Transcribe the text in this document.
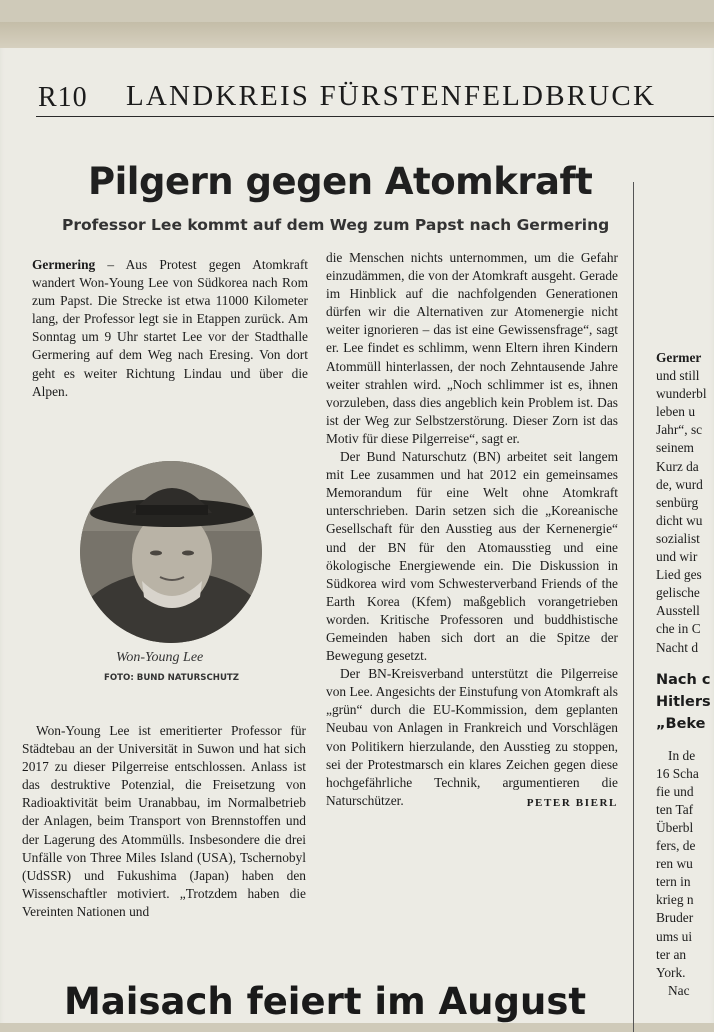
R10 LANDKREIS FÜRSTENFELDBRUCK
Pilgern gegen Atomkraft
Professor Lee kommt auf dem Weg zum Papst nach Germering

Germering – Aus Protest gegen Atomkraft wandert Won-Young Lee von Südkorea nach Rom zum Papst. Die Strecke ist etwa 11000 Kilometer lang, der Professor legt sie in Etappen zurück. Am Sonntag um 9 Uhr startet Lee vor der Stadthalle Germering auf dem Weg nach Eresing. Von dort geht es weiter Richtung Lindau und über die Alpen.

Won-Young Lee
FOTO: BUND NATURSCHUTZ

Won-Young Lee ist emeritierter Professor für Städtebau an der Universität in Suwon und hat sich 2017 zu dieser Pilgerreise entschlossen. Anlass ist das destruktive Potenzial, die Freisetzung von Radioaktivität beim Uranabbau, im Normalbetrieb der Anlagen, beim Transport von Brennstoffen und der Lagerung des Atommülls. Insbesondere die drei Unfälle von Three Miles Island (USA), Tschernobyl (UdSSR) und Fukushima (Japan) haben den Wissenschaftler motiviert. „Trotzdem haben die Vereinten Nationen und

die Menschen nichts unternommen, um die Gefahr einzudämmen, die von der Atomkraft ausgeht. Gerade im Hinblick auf die nachfolgenden Generationen dürfen wir die Alternativen zur Atomenergie nicht weiter ignorieren – das ist eine Gewissensfrage“, sagt er. Lee findet es schlimm, wenn Eltern ihren Kindern Atommüll hinterlassen, der noch Zehntausende Jahre weiter strahlen wird. „Noch schlimmer ist es, ihnen vorzuleben, dass dies angeblich kein Problem ist. Das ist der Weg zur Selbstzerstörung. Dieser Zorn ist das Motiv für diese Pilgerreise“, sagt er.

Der Bund Naturschutz (BN) arbeitet seit langem mit Lee zusammen und hat 2012 ein gemeinsames Memorandum für eine Welt ohne Atomkraft unterschrieben. Darin setzen sich die „Koreanische Gesellschaft für den Ausstieg aus der Kernenergie“ und der BN für den Atomausstieg und eine ökologische Energiewende ein. Die Diskussion in Südkorea wird vom Schwesterverband Friends of the Earth Korea (Kfem) maßgeblich vorangetrieben worden. Kritische Professoren und buddhistische Gemeinden haben sich dort an die Spitze der Bewegung gesetzt.

Der BN-Kreisverband unterstützt die Pilgerreise von Lee. Angesichts der Einstufung von Atomkraft als „grün“ durch die EU-Kommission, dem geplanten Neubau von Anlagen in Frankreich und Vorschlägen von Politikern hierzulande, den Ausstieg zu stoppen, sei der Protestmarsch ein klares Zeichen gegen diese hochgefährliche Technik, argumentieren die Naturschützer.	PETER BIERL
Germer
und still
wunderbl
leben u
Jahr“, sc
seinem
Kurz da
de, wurd
senbürg
dicht wu
sozialist
und wir
Lied ges
gelische
Ausstell
che in C
Nacht d
Nach c
Hitlers
„Beke
In de
16 Scha
fie und
ten Taf
Überbl
fers, de
ren wu
tern in
krieg n
Bruder
ums ui
ter an
York.
Nac
Maisach feiert im August
